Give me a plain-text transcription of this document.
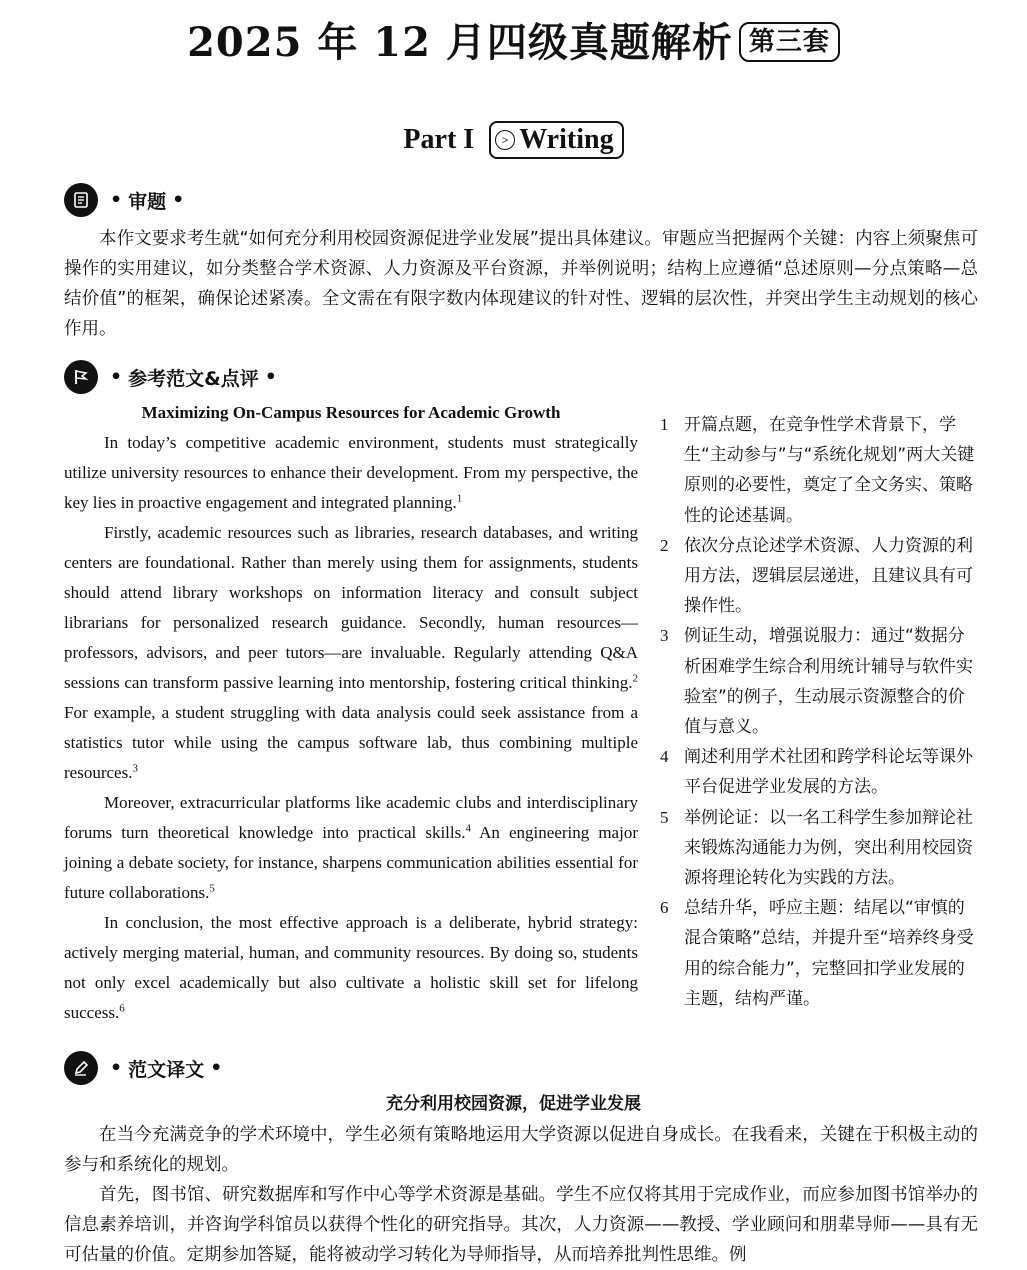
2025 年 12 月四级真题解析 第三套
Part I > Writing
• 审题 •

本作文要求考生就“如何充分利用校园资源促进学业发展”提出具体建议。审题应当把握两个关键：内容上须聚焦可操作的实用建议，如分类整合学术资源、人力资源及平台资源，并举例说明；结构上应遵循“总述原则—分点策略—总结价值”的框架，确保论述紧凑。全文需在有限字数内体现建议的针对性、逻辑的层次性，并突出学生主动规划的核心作用。

• 参考范文&点评 •

Maximizing On-Campus Resources for Academic Growth

In today’s competitive academic environment, students must strategically utilize university resources to enhance their development. From my perspective, the key lies in proactive engagement and integrated planning.$^1$

Firstly, academic resources such as libraries, research databases, and writing centers are foundational. Rather than merely using them for assignments, students should attend library workshops on information literacy and consult subject librarians for personalized research guidance. Secondly, human resources—professors, advisors, and peer tutors—are invaluable. Regularly attending Q&A sessions can transform passive learning into mentorship, fostering critical thinking.$^2$ For example, a student struggling with data analysis could seek assistance from a statistics tutor while using the campus software lab, thus combining multiple resources.$^3$

Moreover, extracurricular platforms like academic clubs and interdisciplinary forums turn theoretical knowledge into practical skills.$^4$ An engineering major joining a debate society, for instance, sharpens communication abilities essential for future collaborations.$^5$

In conclusion, the most effective approach is a deliberate, hybrid strategy: actively merging material, human, and community resources. By doing so, students not only excel academically but also cultivate a holistic skill set for lifelong success.$^6$

1 开篇点题，在竞争性学术背景下，学生“主动参与”与“系统化规划”两大关键原则的必要性，奠定了全文务实、策略性的论述基调。
2 依次分点论述学术资源、人力资源的利用方法，逻辑层层递进，且建议具有可操作性。
3 例证生动，增强说服力：通过“数据分析困难学生综合利用统计辅导与软件实验室”的例子，生动展示资源整合的价值与意义。
4 阐述利用学术社团和跨学科论坛等课外平台促进学业发展的方法。
5 举例论证：以一名工科学生参加辩论社来锻炼沟通能力为例，突出利用校园资源将理论转化为实践的方法。
6 总结升华，呼应主题：结尾以“审慎的混合策略”总结，并提升至“培养终身受用的综合能力”，完整回扣学业发展的主题，结构严谨。
• 范文译文 •
充分利用校园资源，促进学业发展

在当今充满竞争的学术环境中，学生必须有策略地运用大学资源以促进自身成长。在我看来，关键在于积极主动的参与和系统化的规划。

首先，图书馆、研究数据库和写作中心等学术资源是基础。学生不应仅将其用于完成作业，而应参加图书馆举办的信息素养培训，并咨询学科馆员以获得个性化的研究指导。其次，人力资源——教授、学业顾问和朋辈导师——具有无可估量的价值。定期参加答疑，能将被动学习转化为导师指导，从而培养批判性思维。例
